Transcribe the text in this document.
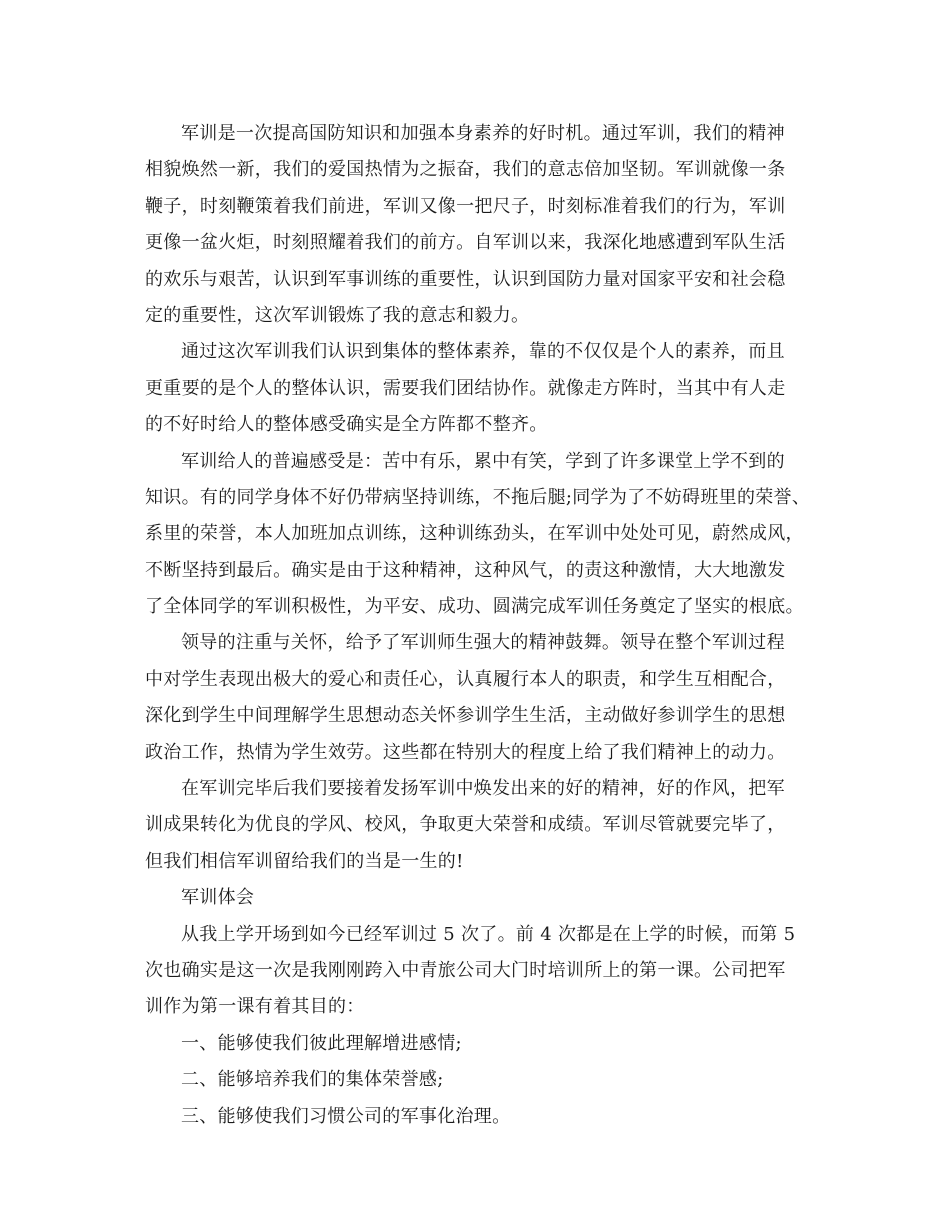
军训是一次提高国防知识和加强本身素养的好时机。通过军训，我们的精神
相貌焕然一新，我们的爱国热情为之振奋，我们的意志倍加坚韧。军训就像一条
鞭子，时刻鞭策着我们前进，军训又像一把尺子，时刻标准着我们的行为，军训
更像一盆火炬，时刻照耀着我们的前方。自军训以来，我深化地感遭到军队生活
的欢乐与艰苦，认识到军事训练的重要性，认识到国防力量对国家平安和社会稳
定的重要性，这次军训锻炼了我的意志和毅力。
通过这次军训我们认识到集体的整体素养，靠的不仅仅是个人的素养，而且
更重要的是个人的整体认识，需要我们团结协作。就像走方阵时，当其中有人走
的不好时给人的整体感受确实是全方阵都不整齐。
军训给人的普遍感受是：苦中有乐，累中有笑，学到了许多课堂上学不到的
知识。有的同学身体不好仍带病坚持训练，不拖后腿;同学为了不妨碍班里的荣誉、
系里的荣誉，本人加班加点训练，这种训练劲头，在军训中处处可见，蔚然成风，
不断坚持到最后。确实是由于这种精神，这种风气，的责这种激情，大大地激发
了全体同学的军训积极性，为平安、成功、圆满完成军训任务奠定了坚实的根底。
领导的注重与关怀，给予了军训师生强大的精神鼓舞。领导在整个军训过程
中对学生表现出极大的爱心和责任心，认真履行本人的职责，和学生互相配合，
深化到学生中间理解学生思想动态关怀参训学生生活，主动做好参训学生的思想
政治工作，热情为学生效劳。这些都在特别大的程度上给了我们精神上的动力。
在军训完毕后我们要接着发扬军训中焕发出来的好的精神，好的作风，把军
训成果转化为优良的学风、校风，争取更大荣誉和成绩。军训尽管就要完毕了，
但我们相信军训留给我们的当是一生的!
军训体会
从我上学开场到如今已经军训过 5 次了。前 4 次都是在上学的时候，而第 5
次也确实是这一次是我刚刚跨入中青旅公司大门时培训所上的第一课。公司把军
训作为第一课有着其目的：
一、能够使我们彼此理解增进感情;
二、能够培养我们的集体荣誉感;
三、能够使我们习惯公司的军事化治理。
